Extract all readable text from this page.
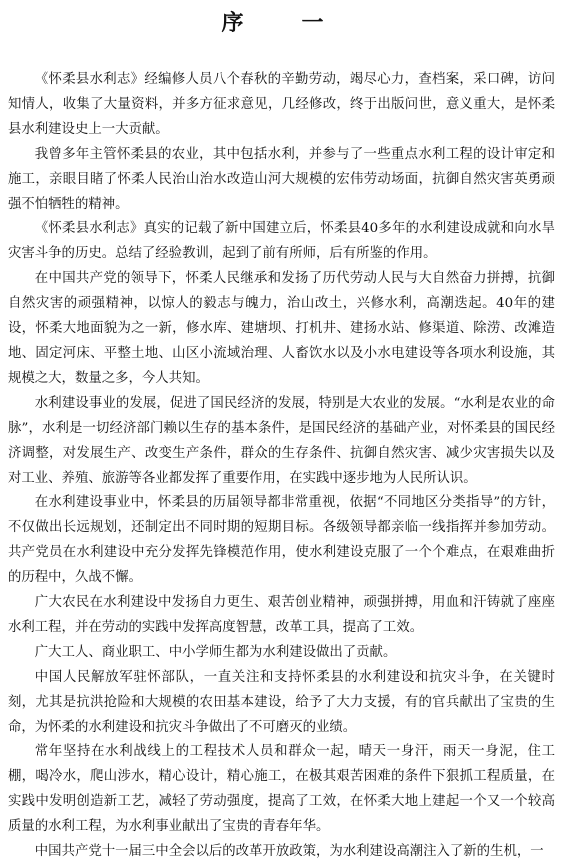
序　一

《怀柔县水利志》经编修人员八个春秋的辛勤劳动，竭尽心力，查档案，采口碑，访问知情人，收集了大量资料，并多方征求意见，几经修改，终于出版问世，意义重大，是怀柔县水利建设史上一大贡献。

我曾多年主管怀柔县的农业，其中包括水利，并参与了一些重点水利工程的设计审定和施工，亲眼目睹了怀柔人民治山治水改造山河大规模的宏伟劳动场面，抗御自然灾害英勇顽强不怕牺牲的精神。

《怀柔县水利志》真实的记载了新中国建立后，怀柔县40多年的水利建设成就和向水旱灾害斗争的历史。总结了经验教训，起到了前有所师，后有所鉴的作用。

在中国共产党的领导下，怀柔人民继承和发扬了历代劳动人民与大自然奋力拼搏，抗御自然灾害的顽强精神，以惊人的毅志与魄力，治山改土，兴修水利，高潮迭起。40年的建设，怀柔大地面貌为之一新，修水库、建塘坝、打机井、建扬水站、修渠道、除涝、改滩造地、固定河床、平整土地、山区小流域治理、人畜饮水以及小水电建设等各项水利设施，其规模之大，数量之多，今人共知。

水利建设事业的发展，促进了国民经济的发展，特别是大农业的发展。“水利是农业的命脉”，水利是一切经济部门赖以生存的基本条件，是国民经济的基础产业，对怀柔县的国民经济调整，对发展生产、改变生产条件，群众的生存条件、抗御自然灾害、减少灾害损失以及对工业、养殖、旅游等各业都发挥了重要作用，在实践中逐步地为人民所认识。

在水利建设事业中，怀柔县的历届领导都非常重视，依据“不同地区分类指导”的方针，不仅做出长远规划，还制定出不同时期的短期目标。各级领导都亲临一线指挥并参加劳动。共产党员在水利建设中充分发挥先锋模范作用，使水利建设克服了一个个难点，在艰难曲折的历程中，久战不懈。

广大农民在水利建设中发扬自力更生、艰苦创业精神，顽强拼搏，用血和汗铸就了座座水利工程，并在劳动的实践中发挥高度智慧，改革工具，提高了工效。

广大工人、商业职工、中小学师生都为水利建设做出了贡献。

中国人民解放军驻怀部队，一直关注和支持怀柔县的水利建设和抗灾斗争，在关键时刻，尤其是抗洪抢险和大规模的农田基本建设，给予了大力支援，有的官兵献出了宝贵的生命，为怀柔的水利建设和抗灾斗争做出了不可磨灭的业绩。

常年坚持在水利战线上的工程技术人员和群众一起，晴天一身汗，雨天一身泥，住工棚，喝冷水，爬山涉水，精心设计，精心施工，在极其艰苦困难的条件下狠抓工程质量，在实践中发明创造新工艺，减轻了劳动强度，提高了工效，在怀柔大地上建起一个又一个较高质量的水利工程，为水利事业献出了宝贵的青春年华。

中国共产党十一届三中全会以后的改革开放政策，为水利建设高潮注入了新的生机，一
